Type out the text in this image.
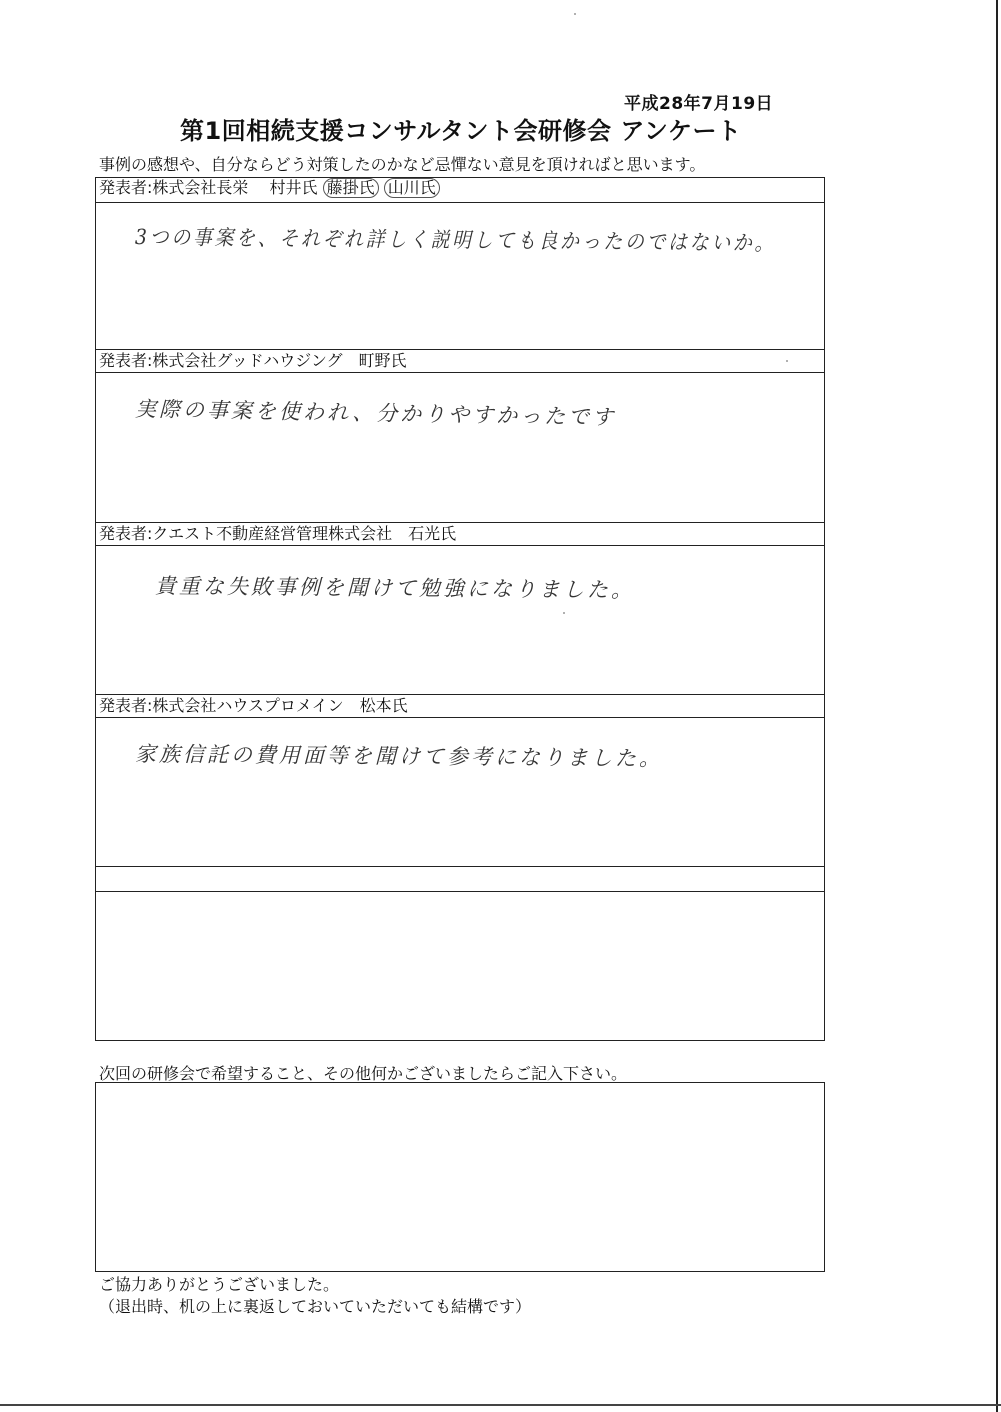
平成28年7月19日
第1回相続支援コンサルタント会研修会 アンケート
事例の感想や、自分ならどう対策したのかなど忌憚ない意見を頂ければと思います。
発表者:株式会社長栄　 村井氏 藤掛氏 山川氏
3つの事案を、それぞれ詳しく説明しても良かったのではないか。
発表者:株式会社グッドハウジング　町野氏
実際の事案を使われ、分かりやすかったです
発表者:クエスト不動産経営管理株式会社　石光氏
貴重な失敗事例を聞けて勉強になりました。
発表者:株式会社ハウスプロメイン　松本氏
家族信託の費用面等を聞けて参考になりました。
次回の研修会で希望すること、その他何かございましたらご記入下さい。
ご協力ありがとうございました。
（退出時、机の上に裏返しておいていただいても結構です）
